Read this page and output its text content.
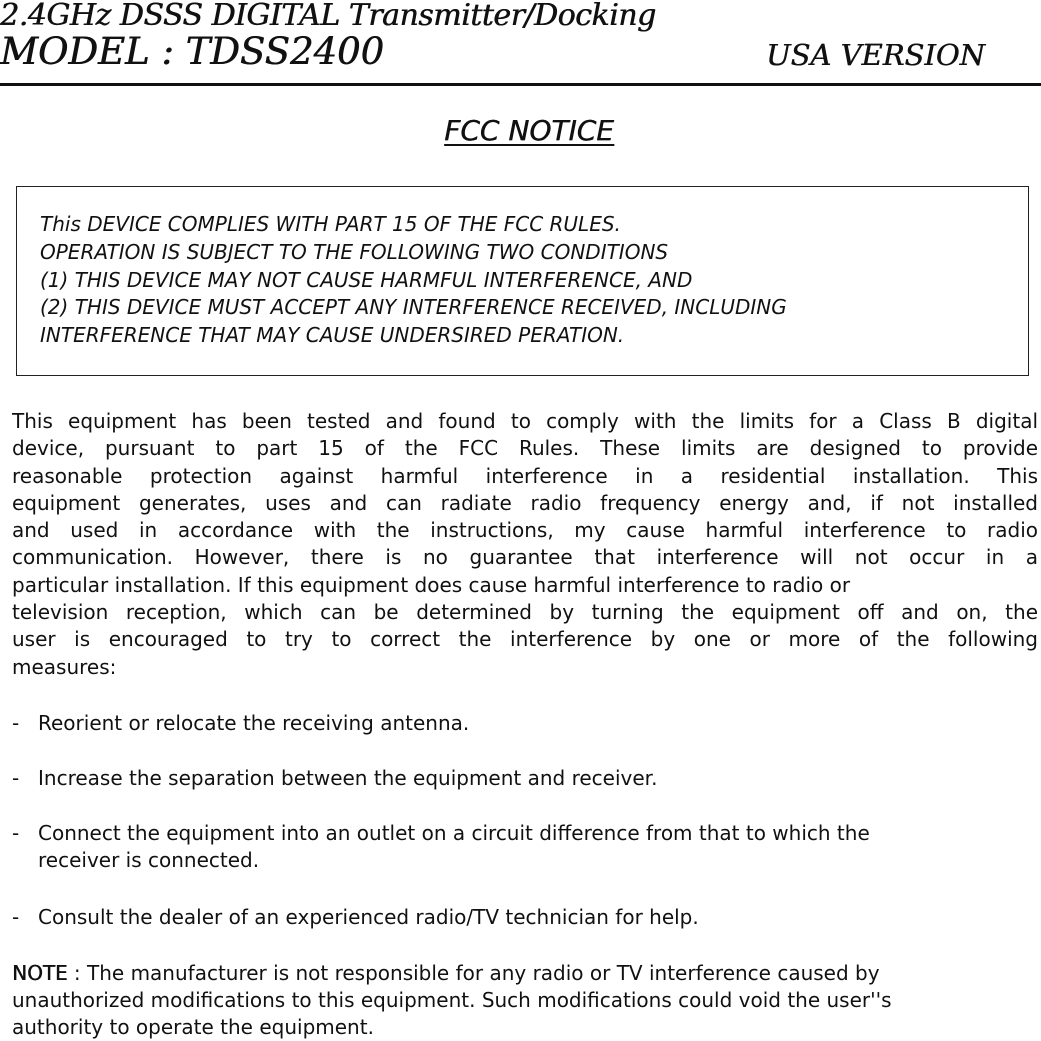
2.4GHz DSSS DIGITAL Transmitter/Docking
MODEL : TDSS2400	USA VERSION
FCC NOTICE
This DEVICE COMPLIES WITH PART 15 OF THE FCC RULES.
OPERATION IS SUBJECT TO THE FOLLOWING TWO CONDITIONS
(1) THIS DEVICE MAY NOT CAUSE HARMFUL INTERFERENCE, AND
(2) THIS DEVICE MUST ACCEPT ANY INTERFERENCE RECEIVED, INCLUDING
INTERFERENCE THAT MAY CAUSE UNDERSIRED PERATION.
This equipment has been tested and found to comply with the limits for a Class B digital
device, pursuant to part 15 of the FCC Rules. These limits are designed to provide
reasonable protection against harmful interference in a residential installation. This
equipment generates, uses and can radiate radio frequency energy and, if not installed
and used in accordance with the instructions, my cause harmful interference to radio
communication. However, there is no guarantee that interference will not occur in a
particular installation. If this equipment does cause harmful interference to radio or
television reception, which can be determined by turning the equipment off and on, the
user is encouraged to try to correct the interference by one or more of the following
measures:
- Reorient or relocate the receiving antenna.
- Increase the separation between the equipment and receiver.
- Connect the equipment into an outlet on a circuit difference from that to which the
receiver is connected.
- Consult the dealer of an experienced radio/TV technician for help.
NOTE : The manufacturer is not responsible for any radio or TV interference caused by
unauthorized modifications to this equipment. Such modifications could void the user''s
authority to operate the equipment.
